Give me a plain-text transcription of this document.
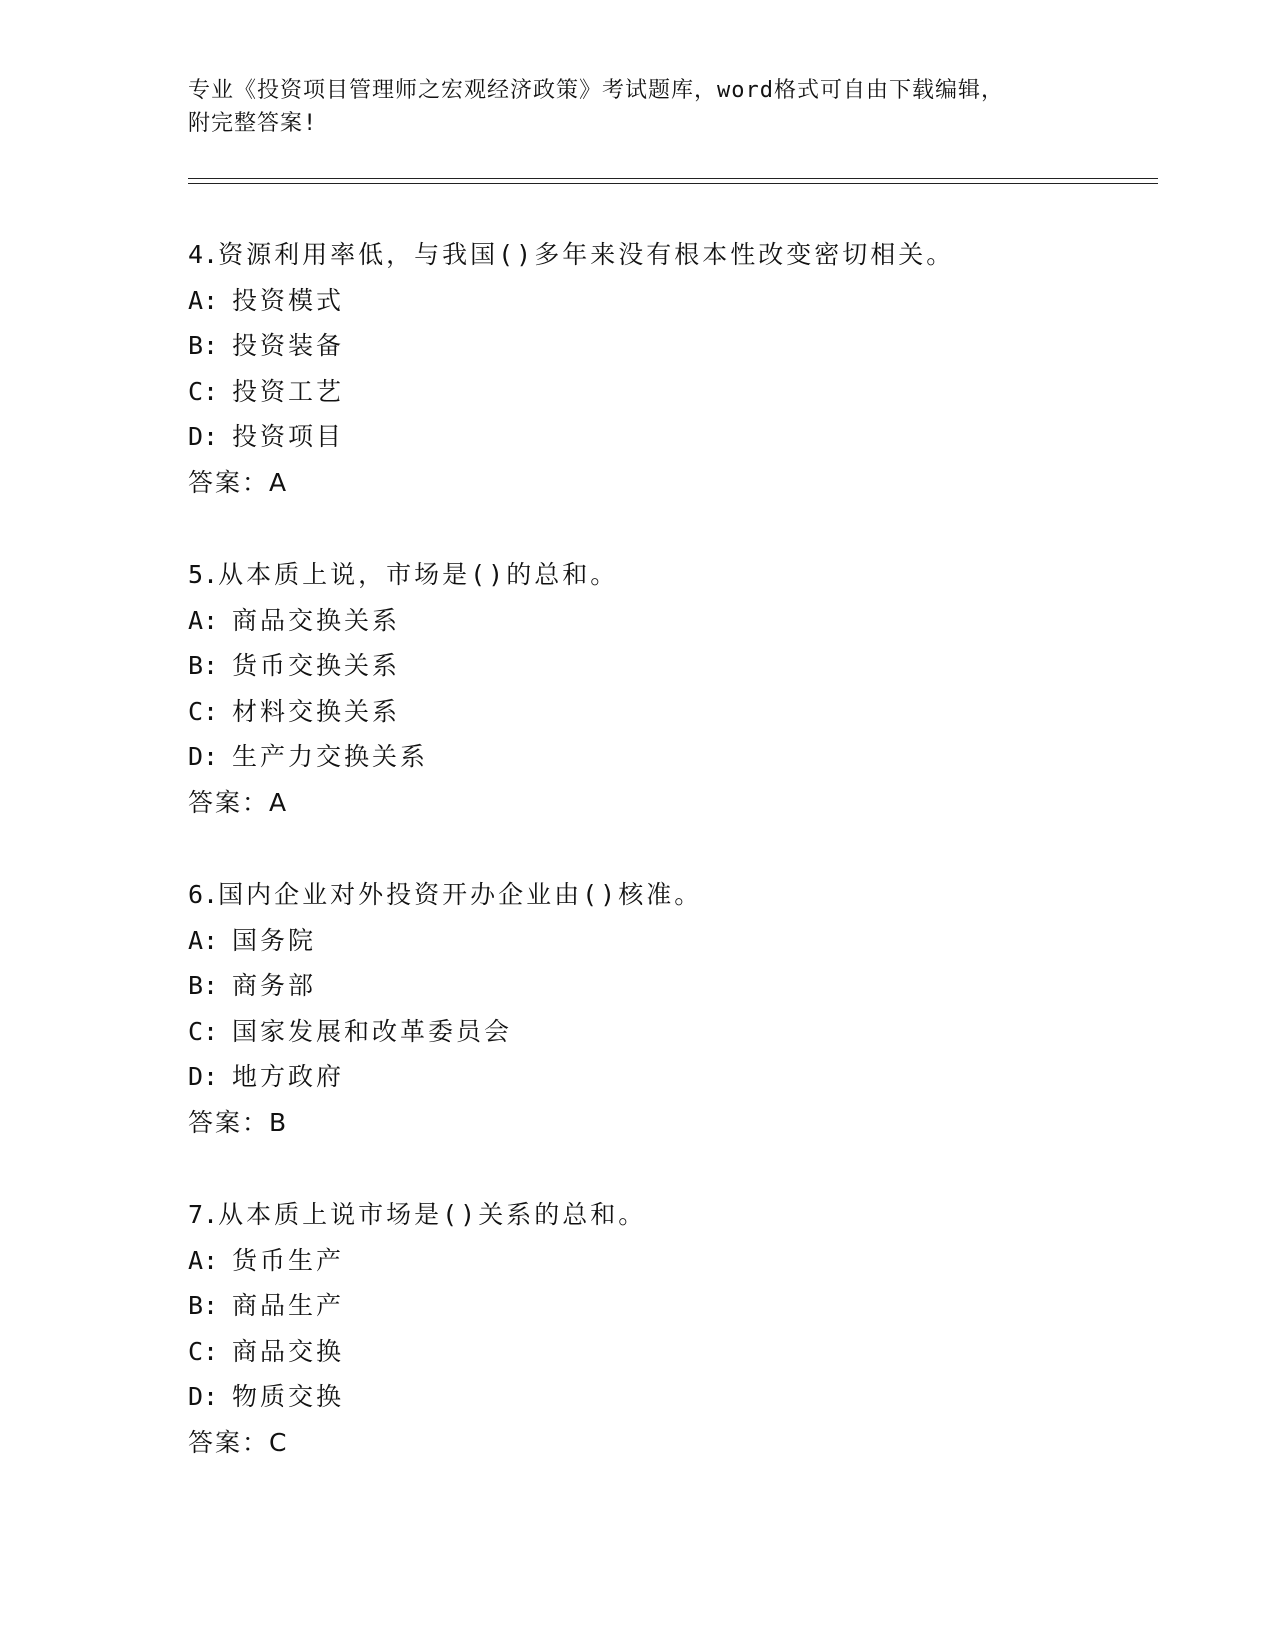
专业《投资项目管理师之宏观经济政策》考试题库，word格式可自由下载编辑，
附完整答案!
4.资源利用率低，与我国()多年来没有根本性改变密切相关。
A: 投资模式
B: 投资装备
C: 投资工艺
D: 投资项目
答案：A
5.从本质上说，市场是()的总和。
A: 商品交换关系
B: 货币交换关系
C: 材料交换关系
D: 生产力交换关系
答案：A
6.国内企业对外投资开办企业由()核准。
A: 国务院
B: 商务部
C: 国家发展和改革委员会
D: 地方政府
答案：B
7.从本质上说市场是()关系的总和。
A: 货币生产
B: 商品生产
C: 商品交换
D: 物质交换
答案：C
